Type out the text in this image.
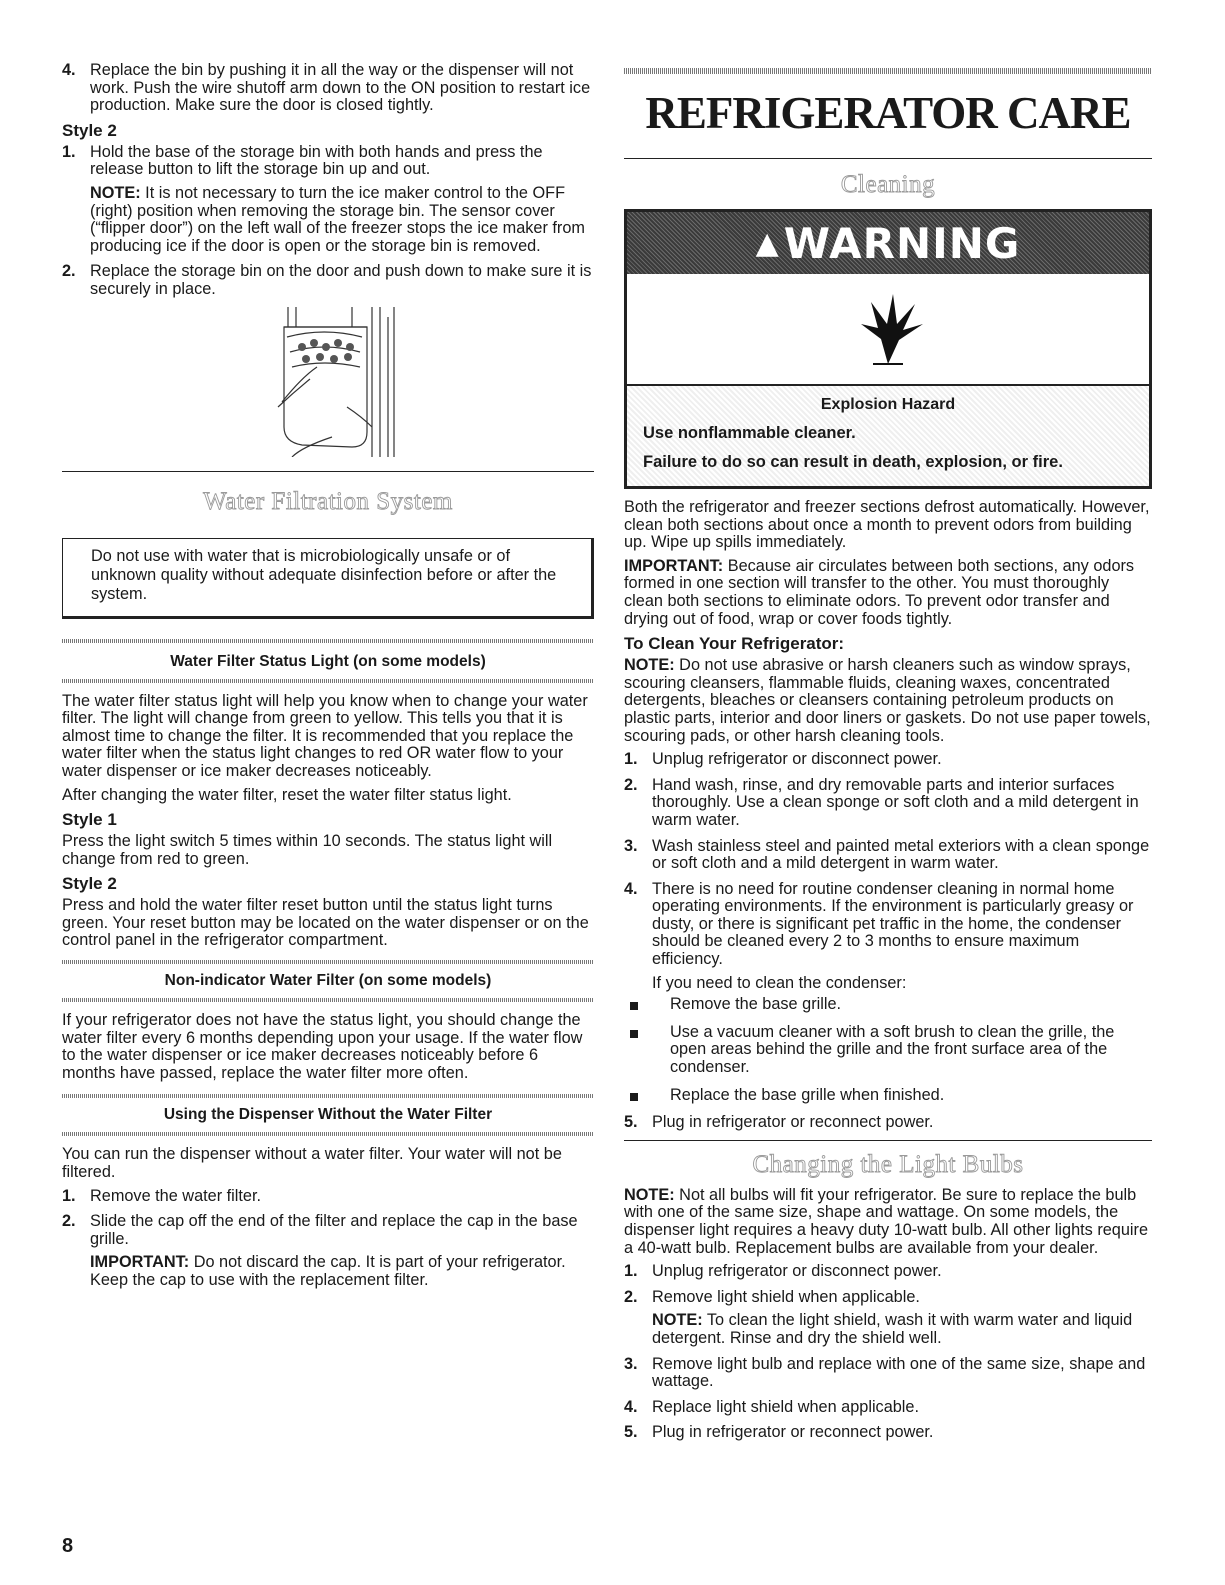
4. Replace the bin by pushing it in all the way or the dispenser will not work. Push the wire shutoff arm down to the ON position to restart ice production. Make sure the door is closed tightly.
Style 2
1. Hold the base of the storage bin with both hands and press the release button to lift the storage bin up and out.

NOTE: It is not necessary to turn the ice maker control to the OFF (right) position when removing the storage bin. The sensor cover (“flipper door”) on the left wall of the freezer stops the ice maker from producing ice if the door is open or the storage bin is removed.

2. Replace the storage bin on the door and push down to make sure it is securely in place.
Water Filtration System

Do not use with water that is microbiologically unsafe or of unknown quality without adequate disinfection before or after the system.

Water Filter Status Light (on some models)

The water filter status light will help you know when to change your water filter. The light will change from green to yellow. This tells you that it is almost time to change the filter. It is recommended that you replace the water filter when the status light changes to red OR water flow to your water dispenser or ice maker decreases noticeably.

After changing the water filter, reset the water filter status light.

Style 1

Press the light switch 5 times within 10 seconds. The status light will change from red to green.

Style 2

Press and hold the water filter reset button until the status light turns green. Your reset button may be located on the water dispenser or on the control panel in the refrigerator compartment.

Non-indicator Water Filter (on some models)

If your refrigerator does not have the status light, you should change the water filter every 6 months depending upon your usage. If the water flow to the water dispenser or ice maker decreases noticeably before 6 months have passed, replace the water filter more often.

Using the Dispenser Without the Water Filter

You can run the dispenser without a water filter. Your water will not be filtered.

1. Remove the water filter.
2. Slide the cap off the end of the filter and replace the cap in the base grille.

IMPORTANT: Do not discard the cap. It is part of your refrigerator. Keep the cap to use with the replacement filter.

REFRIGERATOR CARE
Cleaning
▲ WARNING
Explosion Hazard
Use nonflammable cleaner.
Failure to do so can result in death, explosion, or fire.

Both the refrigerator and freezer sections defrost automatically. However, clean both sections about once a month to prevent odors from building up. Wipe up spills immediately.

IMPORTANT: Because air circulates between both sections, any odors formed in one section will transfer to the other. You must thoroughly clean both sections to eliminate odors. To prevent odor transfer and drying out of food, wrap or cover foods tightly.

To Clean Your Refrigerator:

NOTE: Do not use abrasive or harsh cleaners such as window sprays, scouring cleansers, flammable fluids, cleaning waxes, concentrated detergents, bleaches or cleansers containing petroleum products on plastic parts, interior and door liners or gaskets. Do not use paper towels, scouring pads, or other harsh cleaning tools.

1. Unplug refrigerator or disconnect power.
2. Hand wash, rinse, and dry removable parts and interior surfaces thoroughly. Use a clean sponge or soft cloth and a mild detergent in warm water.
3. Wash stainless steel and painted metal exteriors with a clean sponge or soft cloth and a mild detergent in warm water.
4. There is no need for routine condenser cleaning in normal home operating environments. If the environment is particularly greasy or dusty, or there is significant pet traffic in the home, the condenser should be cleaned every 2 to 3 months to ensure maximum efficiency.

If you need to clean the condenser:

Remove the base grille.
Use a vacuum cleaner with a soft brush to clean the grille, the open areas behind the grille and the front surface area of the condenser.
Replace the base grille when finished.
5. Plug in refrigerator or reconnect power.
Changing the Light Bulbs

NOTE: Not all bulbs will fit your refrigerator. Be sure to replace the bulb with one of the same size, shape and wattage. On some models, the dispenser light requires a heavy duty 10-watt bulb. All other lights require a 40-watt bulb. Replacement bulbs are available from your dealer.

1. Unplug refrigerator or disconnect power.
2. Remove light shield when applicable.

NOTE: To clean the light shield, wash it with warm water and liquid detergent. Rinse and dry the shield well.

3. Remove light bulb and replace with one of the same size, shape and wattage.
4. Replace light shield when applicable.
5. Plug in refrigerator or reconnect power.
8
